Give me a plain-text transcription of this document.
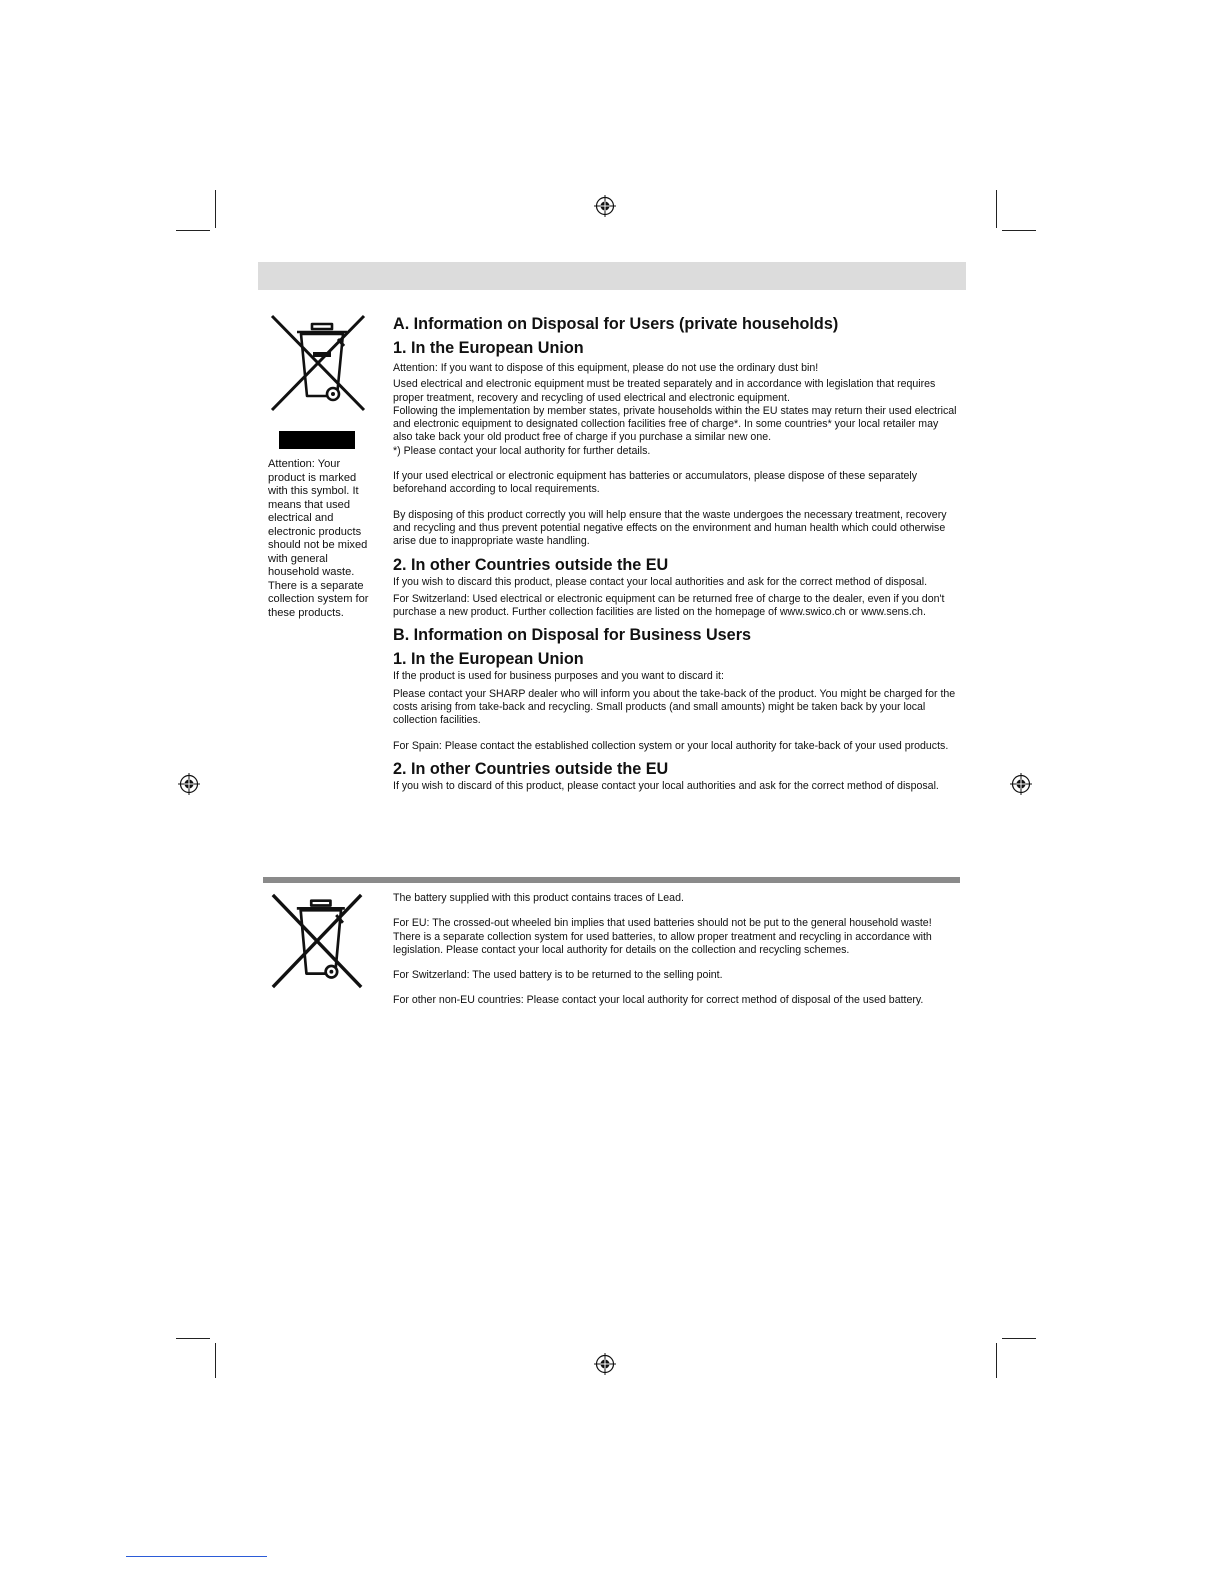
Attention: Your product is marked with this symbol. It means that used electrical and electronic products should not be mixed with general household waste. There is a separate collection system for these products.

A. Information on Disposal for Users (private households)
1. In the European Union

Attention: If you want to dispose of this equipment, please do not use the ordinary dust bin!

Used electrical and electronic equipment must be treated separately and in accordance with legislation that requires proper treatment, recovery and recycling of used electrical and electronic equipment.

Following the implementation by member states, private households within the EU states may return their used electrical and electronic equipment to designated collection facilities free of charge*. In some countries* your local retailer may also take back your old product free of charge if you purchase a similar new one.

*) Please contact your local authority for further details.

If your used electrical or electronic equipment has batteries or accumulators, please dispose of these separately beforehand according to local requirements.

By disposing of this product correctly you will help ensure that the waste undergoes the necessary treatment, recovery and recycling and thus prevent potential negative effects on the environment and human health which could otherwise arise due to inappropriate waste handling.

2. In other Countries outside the EU

If you wish to discard this product, please contact your local authorities and ask for the correct method of disposal.

For Switzerland: Used electrical or electronic equipment can be returned free of charge to the dealer, even if you don't purchase a new product. Further collection facilities are listed on the homepage of www.swico.ch or www.sens.ch.

B. Information on Disposal for Business Users
1. In the European Union

If the product is used for business purposes and you want to discard it:

Please contact your SHARP dealer who will inform you about the take-back of the product. You might be charged for the costs arising from take-back and recycling. Small products (and small amounts) might be taken back by your local collection facilities.

For Spain: Please contact the established collection system or your local authority for take-back of your used products.

2. In other Countries outside the EU

If you wish to discard of this product, please contact your local authorities and ask for the correct method of disposal.

The battery supplied with this product contains traces of Lead.

For EU: The crossed-out wheeled bin implies that used batteries should not be put to the general household waste! There is a separate collection system for used batteries, to allow proper treatment and recycling in accordance with legislation. Please contact your local authority for details on the collection and recycling schemes.

For Switzerland: The used battery is to be returned to the selling point.

For other non-EU countries: Please contact your local authority for correct method of disposal of the used battery.
